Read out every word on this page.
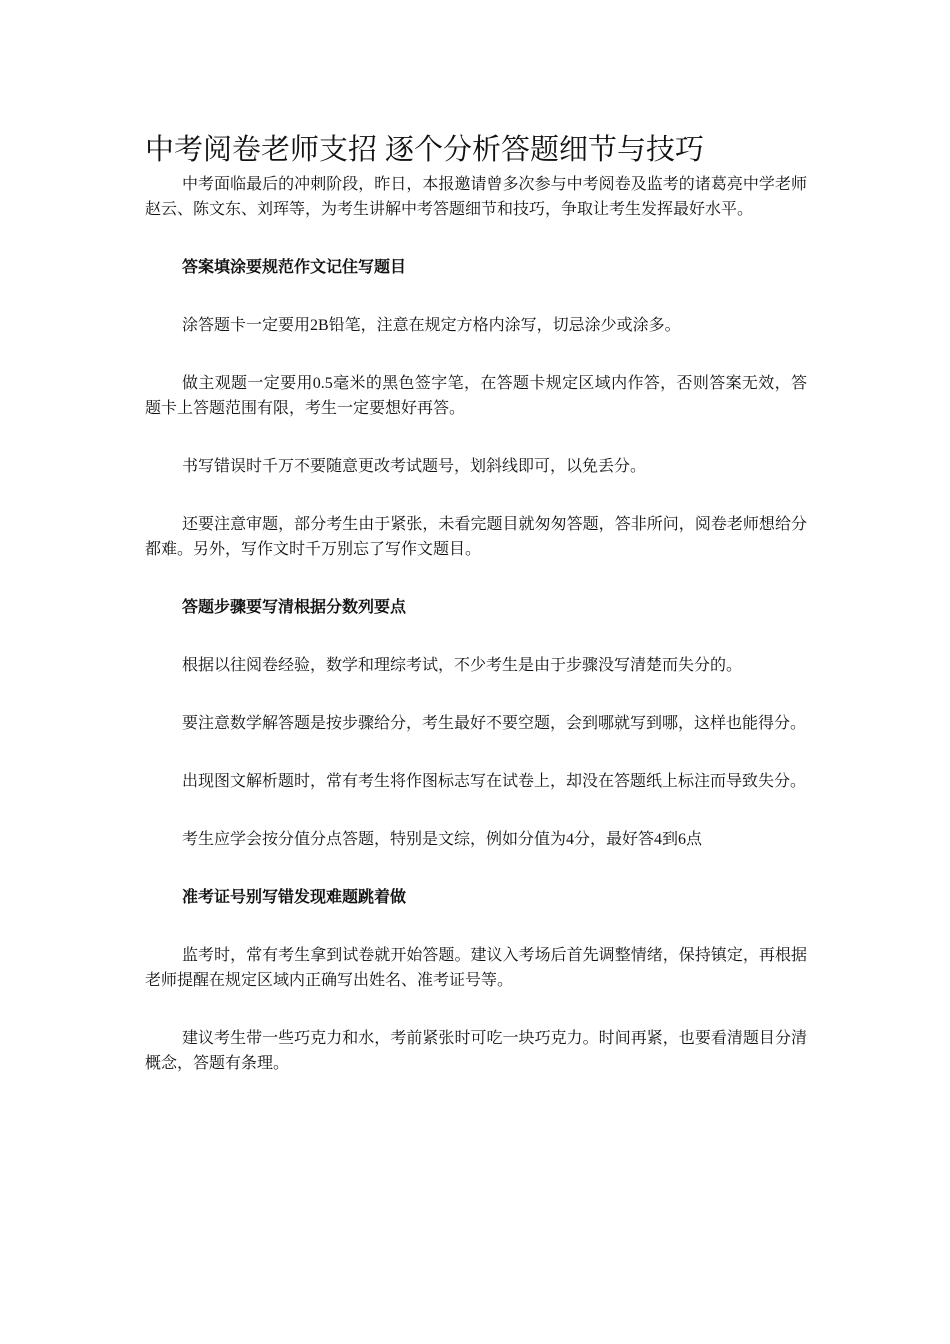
中考阅卷老师支招 逐个分析答题细节与技巧

中考面临最后的冲刺阶段，昨日，本报邀请曾多次参与中考阅卷及监考的诸葛亮中学老师赵云、陈文东、刘珲等，为考生讲解中考答题细节和技巧，争取让考生发挥最好水平。

答案填涂要规范作文记住写题目

涂答题卡一定要用2B铅笔，注意在规定方格内涂写，切忌涂少或涂多。

做主观题一定要用0.5毫米的黑色签字笔，在答题卡规定区域内作答，否则答案无效，答题卡上答题范围有限，考生一定要想好再答。

书写错误时千万不要随意更改考试题号，划斜线即可，以免丢分。

还要注意审题，部分考生由于紧张，未看完题目就匆匆答题，答非所问，阅卷老师想给分都难。另外，写作文时千万别忘了写作文题目。

答题步骤要写清根据分数列要点

根据以往阅卷经验，数学和理综考试，不少考生是由于步骤没写清楚而失分的。

要注意数学解答题是按步骤给分，考生最好不要空题，会到哪就写到哪，这样也能得分。

出现图文解析题时，常有考生将作图标志写在试卷上，却没在答题纸上标注而导致失分。

考生应学会按分值分点答题，特别是文综，例如分值为4分，最好答4到6点

准考证号别写错发现难题跳着做

监考时，常有考生拿到试卷就开始答题。建议入考场后首先调整情绪，保持镇定，再根据老师提醒在规定区域内正确写出姓名、准考证号等。

建议考生带一些巧克力和水，考前紧张时可吃一块巧克力。时间再紧，也要看清题目分清概念，答题有条理。
